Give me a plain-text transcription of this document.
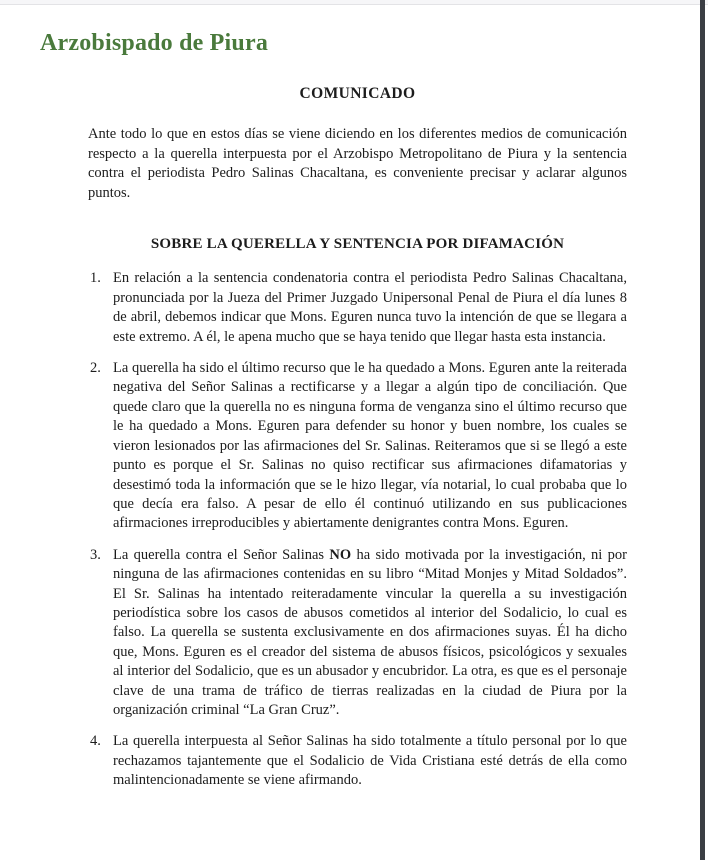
Arzobispado de Piura
COMUNICADO

Ante todo lo que en estos días se viene diciendo en los diferentes medios de comunicación respecto a la querella interpuesta por el Arzobispo Metropolitano de Piura y la sentencia contra el periodista Pedro Salinas Chacaltana, es conveniente precisar y aclarar algunos puntos.

SOBRE LA QUERELLA Y SENTENCIA POR DIFAMACIÓN
1. En relación a la sentencia condenatoria contra el periodista Pedro Salinas Chacaltana, pronunciada por la Jueza del Primer Juzgado Unipersonal Penal de Piura el día lunes 8 de abril, debemos indicar que Mons. Eguren nunca tuvo la intención de que se llegara a este extremo. A él, le apena mucho que se haya tenido que llegar hasta esta instancia.
2. La querella ha sido el último recurso que le ha quedado a Mons. Eguren ante la reiterada negativa del Señor Salinas a rectificarse y a llegar a algún tipo de conciliación. Que quede claro que la querella no es ninguna forma de venganza sino el último recurso que le ha quedado a Mons. Eguren para defender su honor y buen nombre, los cuales se vieron lesionados por las afirmaciones del Sr. Salinas. Reiteramos que si se llegó a este punto es porque el Sr. Salinas no quiso rectificar sus afirmaciones difamatorias y desestimó toda la información que se le hizo llegar, vía notarial, lo cual probaba que lo que decía era falso. A pesar de ello él continuó utilizando en sus publicaciones afirmaciones irreproducibles y abiertamente denigrantes contra Mons. Eguren.
3. La querella contra el Señor Salinas NO ha sido motivada por la investigación, ni por ninguna de las afirmaciones contenidas en su libro “Mitad Monjes y Mitad Soldados”. El Sr. Salinas ha intentado reiteradamente vincular la querella a su investigación periodística sobre los casos de abusos cometidos al interior del Sodalicio, lo cual es falso. La querella se sustenta exclusivamente en dos afirmaciones suyas. Él ha dicho que, Mons. Eguren es el creador del sistema de abusos físicos, psicológicos y sexuales al interior del Sodalicio, que es un abusador y encubridor. La otra, es que es el personaje clave de una trama de tráfico de tierras realizadas en la ciudad de Piura por la organización criminal “La Gran Cruz”.
4. La querella interpuesta al Señor Salinas ha sido totalmente a título personal por lo que rechazamos tajantemente que el Sodalicio de Vida Cristiana esté detrás de ella como malintencionadamente se viene afirmando.
